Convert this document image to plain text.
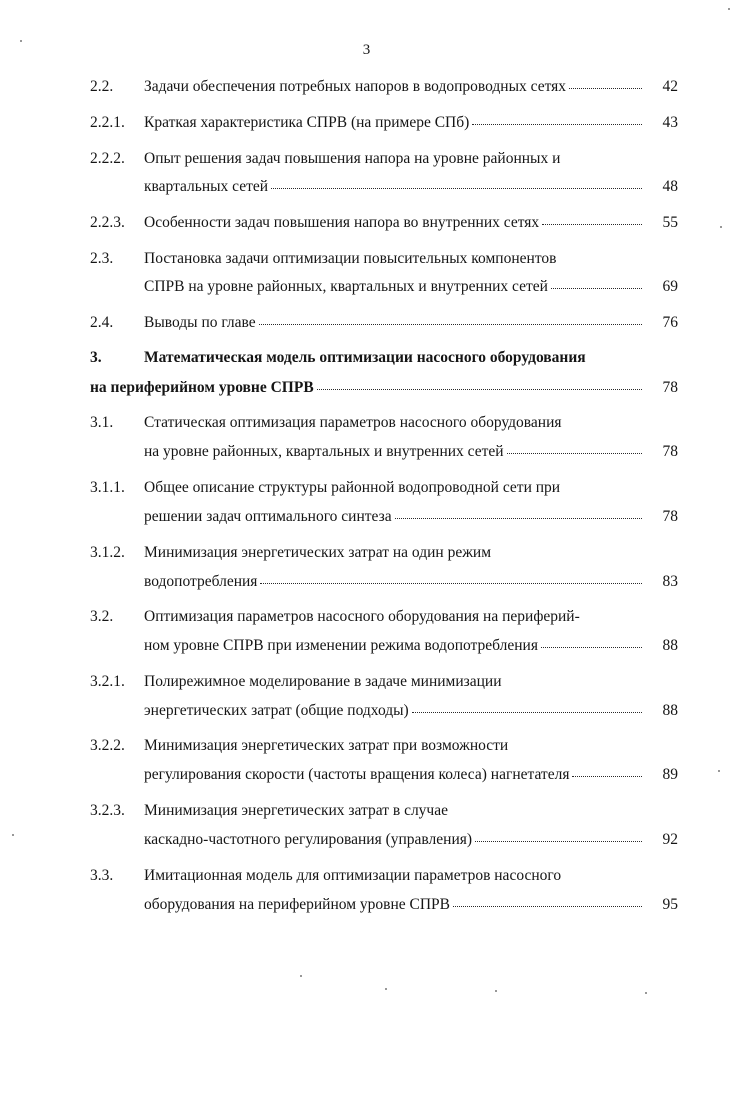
3
2.2. Задачи обеспечения потребных напоров в водопроводных сетях	42
2.2.1. Краткая характеристика СПРВ (на примере СПб)	43
2.2.2. Опыт решения задач повышения напора на уровне районных и
квартальных сетей	48
2.2.3. Особенности задач повышения напора во внутренних сетях	55
2.3. Постановка задачи оптимизации повысительных компонентов
СПРВ на уровне районных, квартальных и внутренних сетей	69
2.4. Выводы по главе	76
3.	Математическая модель оптимизации насосного оборудования
на периферийном уровне СПРВ	78
3.1. Статическая оптимизация параметров насосного оборудования
на уровне районных, квартальных и внутренних сетей	78
3.1.1. Общее описание структуры районной водопроводной сети при
решении задач оптимального синтеза	78
3.1.2. Минимизация энергетических затрат на один режим
водопотребления	83
3.2. Оптимизация параметров насосного оборудования на периферий-
ном уровне СПРВ при изменении режима водопотребления	88
3.2.1. Полирежимное моделирование в задаче минимизации
энергетических затрат (общие подходы)	88
3.2.2. Минимизация энергетических затрат при возможности
регулирования скорости (частоты вращения колеса) нагнетателя	89
3.2.3. Минимизация энергетических затрат в случае
каскадно-частотного регулирования (управления)	92
3.3. Имитационная модель для оптимизации параметров насосного
оборудования на периферийном уровне СПРВ	95
